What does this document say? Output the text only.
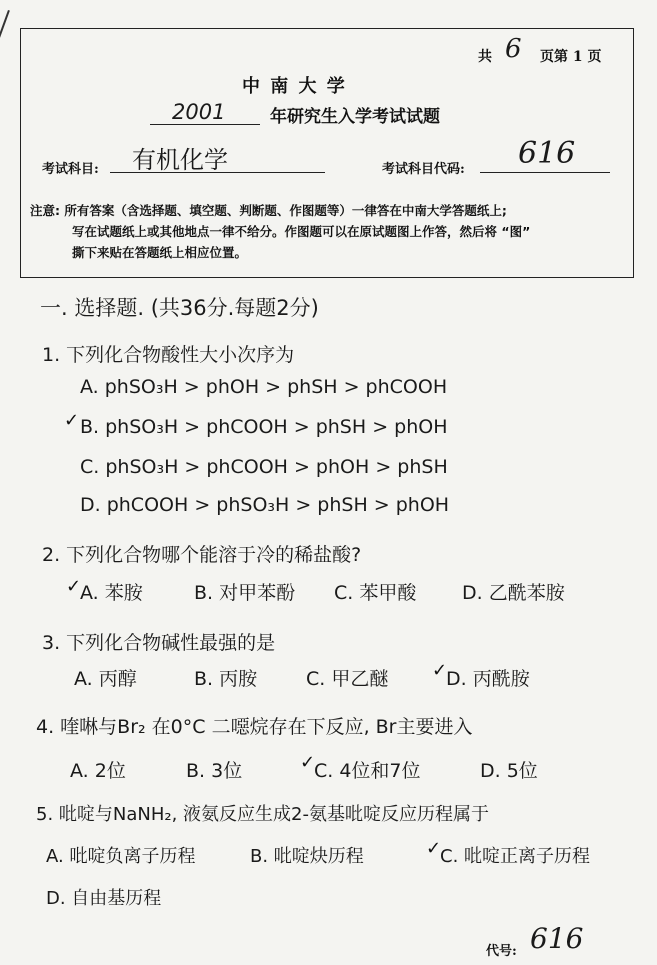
共 6 页第 1 页
中 南 大 学
2001	年研究生入学考试试题
考试科目: 有机化学	考试科目代码: 616
注意: 所有答案（含选择题、填空题、判断题、作图题等）一律答在中南大学答题纸上;
写在试题纸上或其他地点一律不给分。作图题可以在原试题图上作答，然后将 “图”
撕下来贴在答题纸上相应位置。
一. 选择题. (共36分.每题2分)
1. 下列化合物酸性大小次序为
A. phSO₃H > phOH > phSH > phCOOH
✓ B. phSO₃H > phCOOH > phSH > phOH
C. phSO₃H > phCOOH > phOH > phSH
D. phCOOH > phSO₃H > phSH > phOH
2. 下列化合物哪个能溶于冷的稀盐酸?
✓
A. 苯胺	B. 对甲苯酚 C. 苯甲酸 D. 乙酰苯胺
3. 下列化合物碱性最强的是
A. 丙醇	B. 丙胺	C. 甲乙醚 ✓
D. 丙酰胺
4. 喹啉与Br₂ 在0°C 二噁烷存在下反应, Br主要进入
A. 2位	B. 3位	✓
C. 4位和7位	D. 5位
5. 吡啶与NaNH₂, 液氨反应生成2-氨基吡啶反应历程属于
A. 吡啶负离子历程	B. 吡啶炔历程	✓
C. 吡啶正离子历程
D. 自由基历程
代号: 616
